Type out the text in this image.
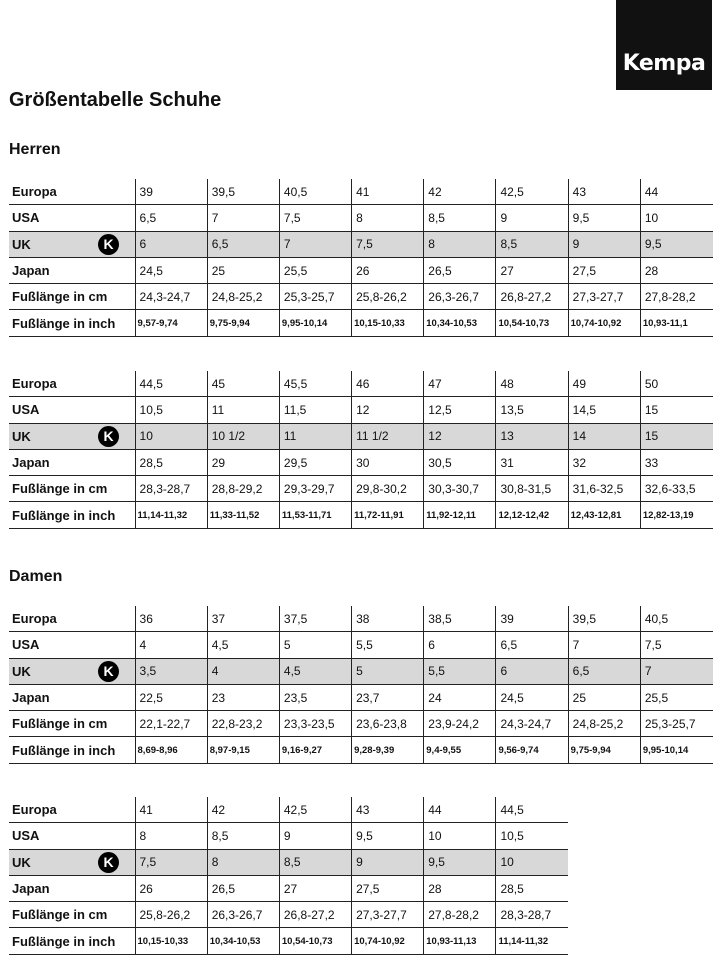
Kempa
Größentabelle Schuhe
Herren
Europa	39	39,5	40,5	41	42	42,5	43	44
USA	6,5	7	7,5	8	8,5	9	9,5	10
UK K	6	6,5	7	7,5	8	8,5	9	9,5
Japan	24,5	25	25,5	26	26,5	27	27,5	28
Fußlänge in cm	24,3-24,7	24,8-25,2	25,3-25,7	25,8-26,2	26,3-26,7	26,8-27,2	27,3-27,7	27,8-28,2
Fußlänge in inch	9,57-9,74	9,75-9,94	9,95-10,14	10,15-10,33	10,34-10,53	10,54-10,73	10,74-10,92	10,93-11,1
Europa	44,5	45	45,5	46	47	48	49	50
USA	10,5	11	11,5	12	12,5	13,5	14,5	15
UK K	10	10 1/2	11	11 1/2	12	13	14	15
Japan	28,5	29	29,5	30	30,5	31	32	33
Fußlänge in cm	28,3-28,7	28,8-29,2	29,3-29,7	29,8-30,2	30,3-30,7	30,8-31,5	31,6-32,5	32,6-33,5
Fußlänge in inch	11,14-11,32	11,33-11,52	11,53-11,71	11,72-11,91	11,92-12,11	12,12-12,42	12,43-12,81	12,82-13,19
Damen
Europa	36	37	37,5	38	38,5	39	39,5	40,5
USA	4	4,5	5	5,5	6	6,5	7	7,5
UK K	3,5	4	4,5	5	5,5	6	6,5	7
Japan	22,5	23	23,5	23,7	24	24,5	25	25,5
Fußlänge in cm	22,1-22,7	22,8-23,2	23,3-23,5	23,6-23,8	23,9-24,2	24,3-24,7	24,8-25,2	25,3-25,7
Fußlänge in inch	8,69-8,96	8,97-9,15	9,16-9,27	9,28-9,39	9,4-9,55	9,56-9,74	9,75-9,94	9,95-10,14
Europa	41	42	42,5	43	44	44,5
USA	8	8,5	9	9,5	10	10,5
UK K	7,5	8	8,5	9	9,5	10
Japan	26	26,5	27	27,5	28	28,5
Fußlänge in cm	25,8-26,2	26,3-26,7	26,8-27,2	27,3-27,7	27,8-28,2	28,3-28,7
Fußlänge in inch	10,15-10,33	10,34-10,53	10,54-10,73	10,74-10,92	10,93-11,13	11,14-11,32
